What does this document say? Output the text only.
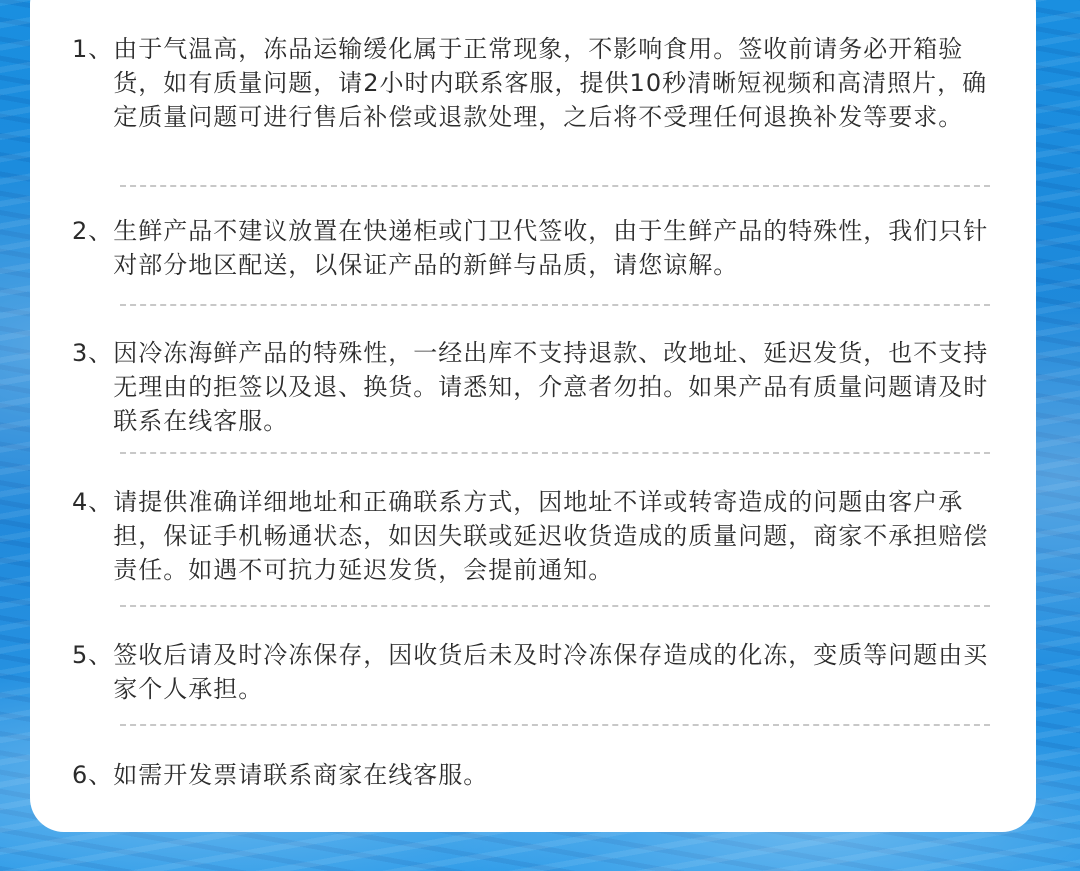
1、 由于气温高，冻品运输缓化属于正常现象，不影响食用。签收前请务必开箱验货，如有质量问题，请2小时内联系客服，提供10秒清晰短视频和高清照片，确定质量问题可进行售后补偿或退款处理，之后将不受理任何退换补发等要求。
2、 生鲜产品不建议放置在快递柜或门卫代签收，由于生鲜产品的特殊性，我们只针对部分地区配送，以保证产品的新鲜与品质，请您谅解。
3、 因冷冻海鲜产品的特殊性，一经出库不支持退款、改地址、延迟发货，也不支持无理由的拒签以及退、换货。请悉知，介意者勿拍。如果产品有质量问题请及时联系在线客服。
4、 请提供准确详细地址和正确联系方式，因地址不详或转寄造成的问题由客户承担，保证手机畅通状态，如因失联或延迟收货造成的质量问题，商家不承担赔偿责任。如遇不可抗力延迟发货，会提前通知。
5、 签收后请及时冷冻保存，因收货后未及时冷冻保存造成的化冻，变质等问题由买家个人承担。
6、 如需开发票请联系商家在线客服。
